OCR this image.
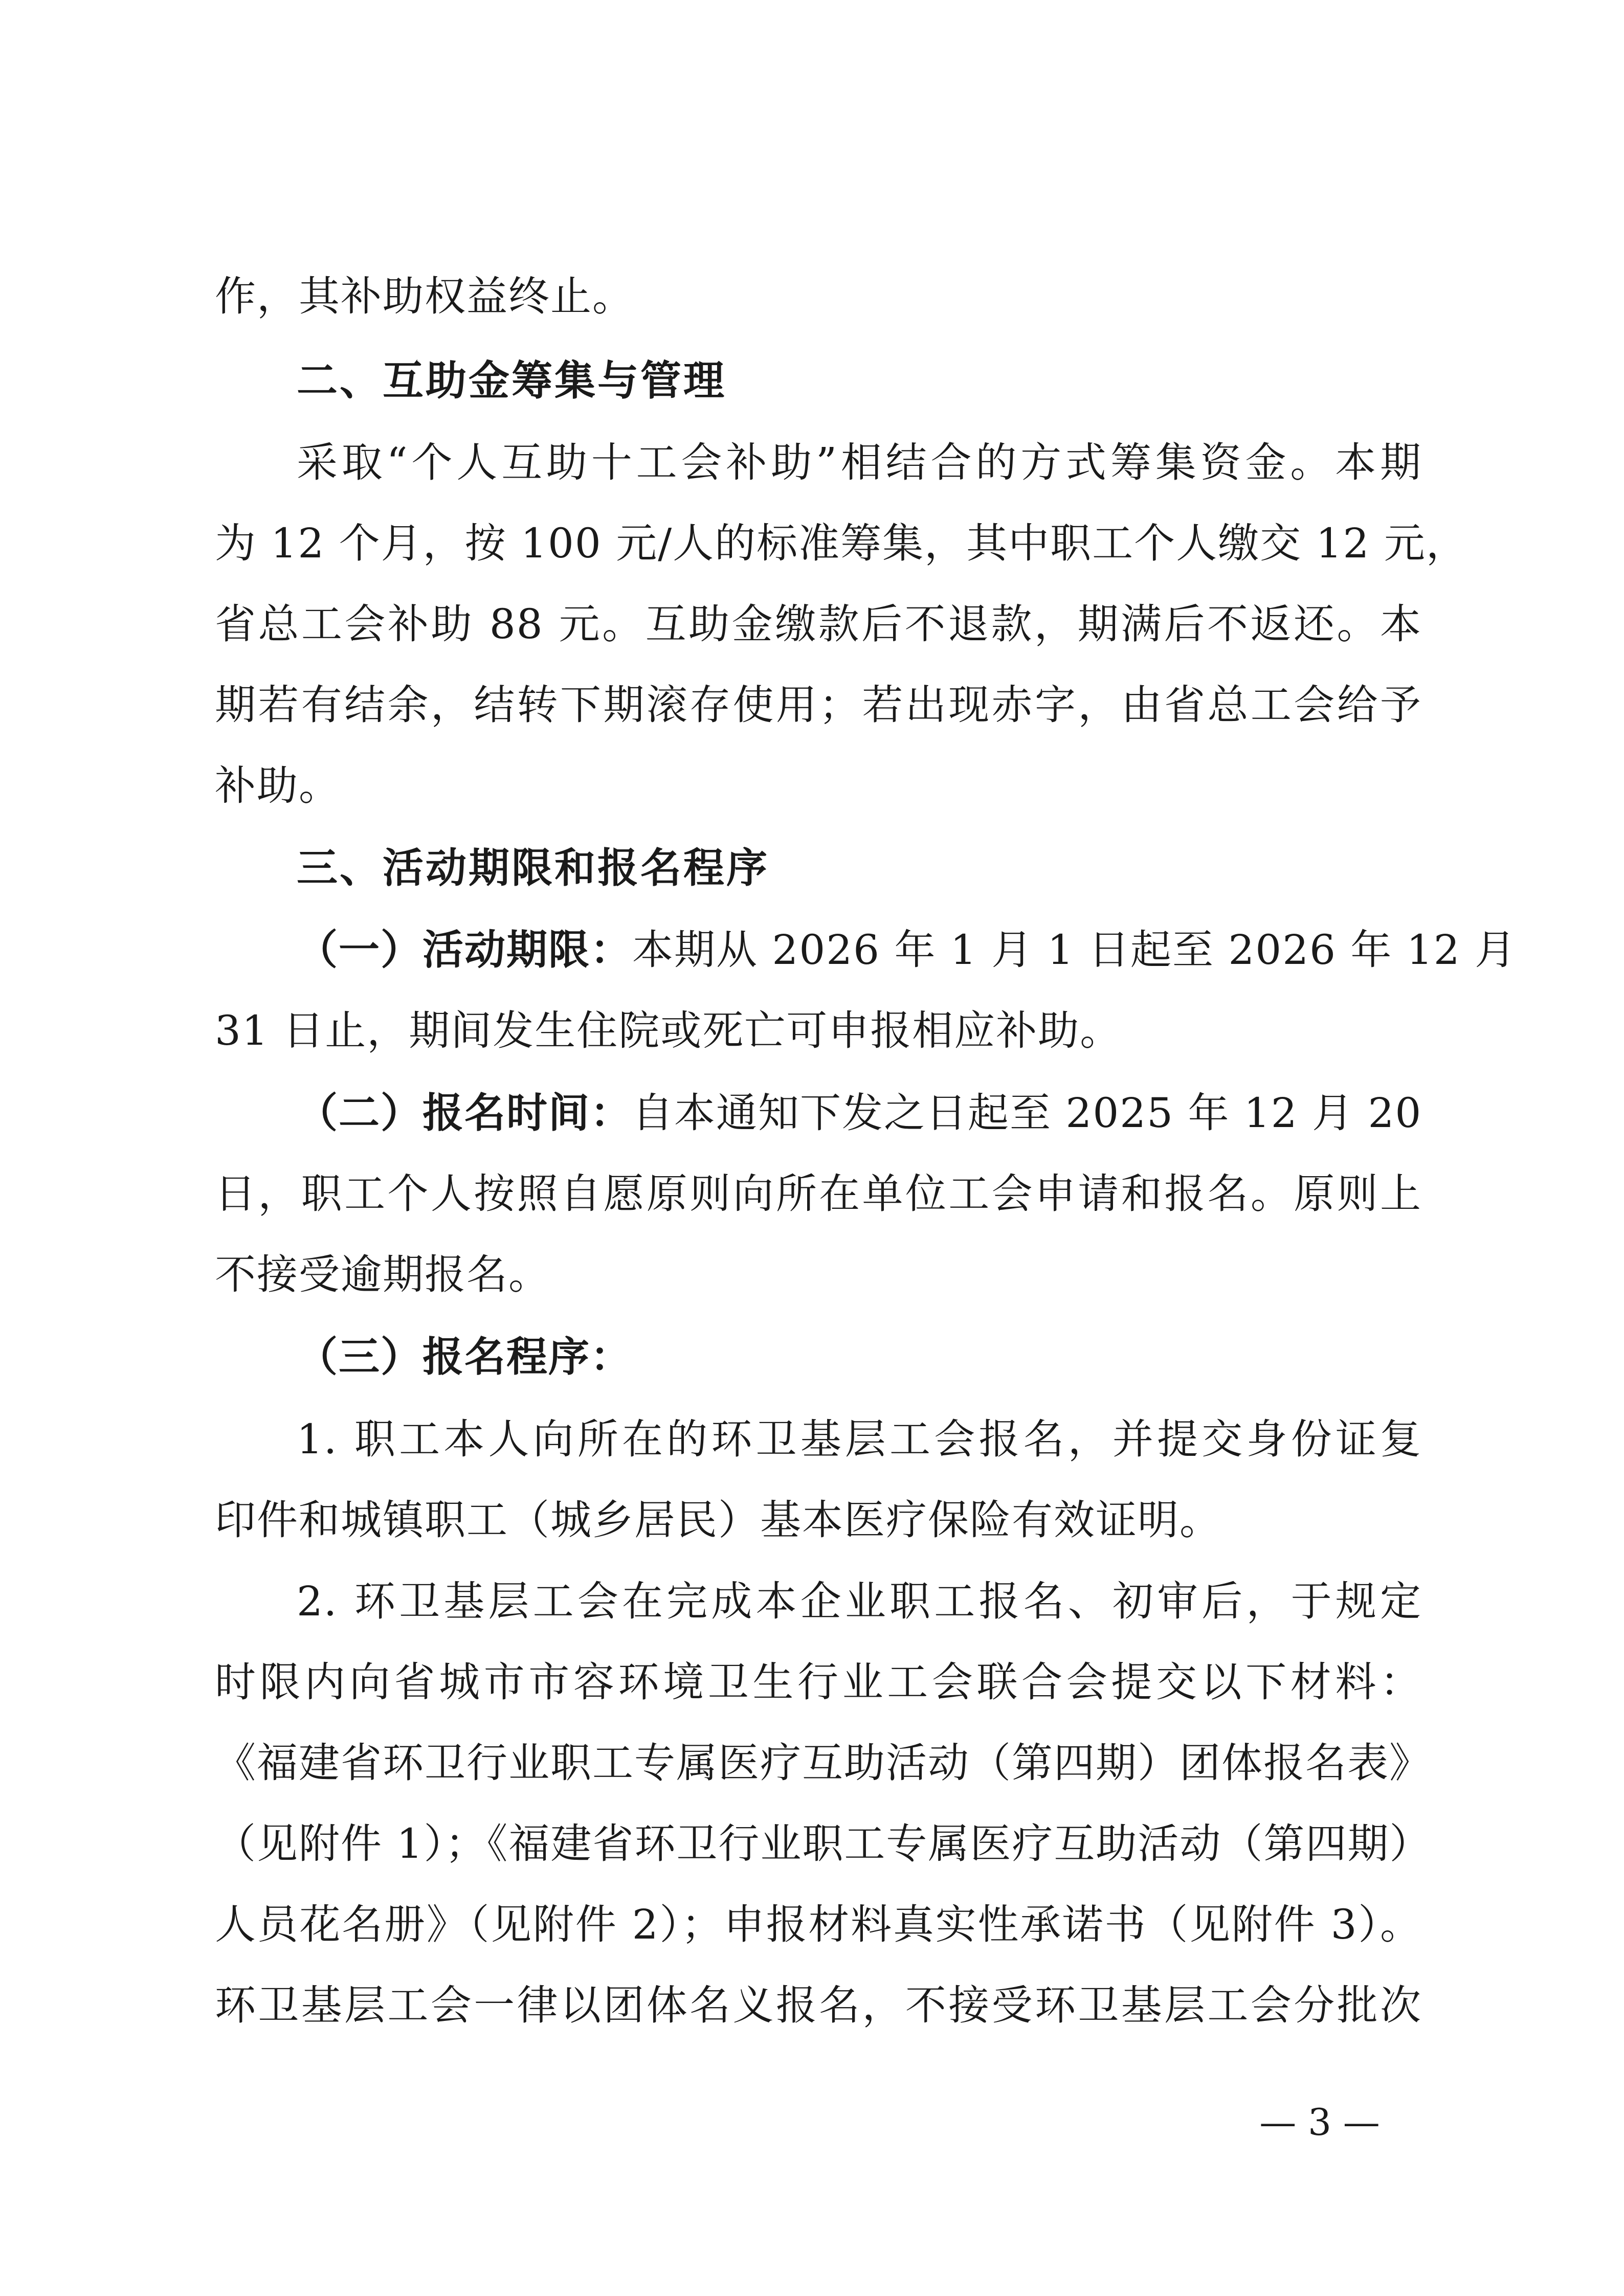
作，其补助权益终止。
二、互助金筹集与管理
采取“个人互助十工会补助”相结合的方式筹集资金。本期
为 12 个月，按 100 元/人的标准筹集，其中职工个人缴交 12 元，
省总工会补助 88 元。互助金缴款后不退款，期满后不返还。本
期若有结余，结转下期滚存使用；若出现赤字，由省总工会给予
补助。
三、活动期限和报名程序
（一）活动期限：本期从 2026 年 1 月 1 日起至 2026 年 12 月
31 日止，期间发生住院或死亡可申报相应补助。
（二）报名时间：自本通知下发之日起至 2025 年 12 月 20
日，职工个人按照自愿原则向所在单位工会申请和报名。原则上
不接受逾期报名。
（三）报名程序：
1. 职工本人向所在的环卫基层工会报名，并提交身份证复
印件和城镇职工（城乡居民）基本医疗保险有效证明。
2. 环卫基层工会在完成本企业职工报名、初审后，于规定
时限内向省城市市容环境卫生行业工会联合会提交以下材料：
《福建省环卫行业职工专属医疗互助活动（第四期）团体报名表》
（见附件 1）；《福建省环卫行业职工专属医疗互助活动（第四期）
人员花名册》（见附件 2）；申报材料真实性承诺书（见附件 3）。
环卫基层工会一律以团体名义报名，不接受环卫基层工会分批次
— 3 —
